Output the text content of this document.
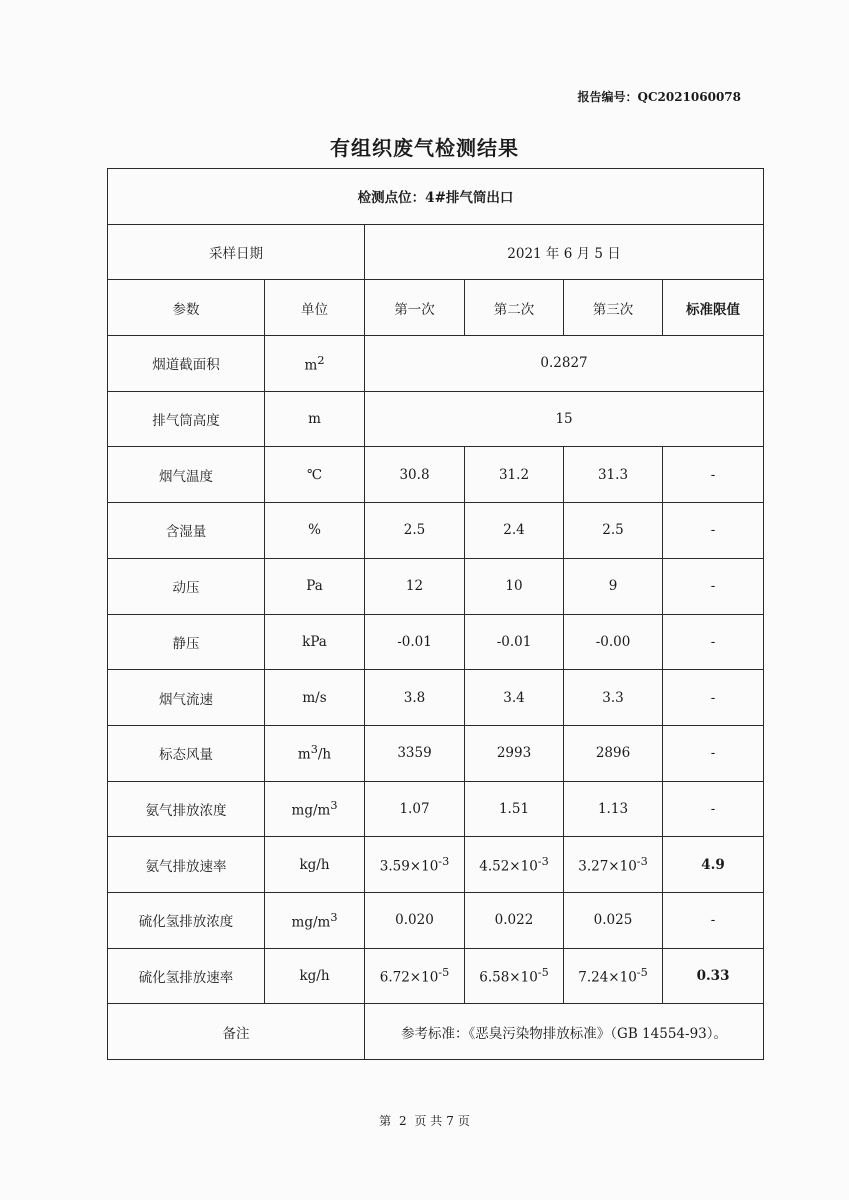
报告编号：QC2021060078
有组织废气检测结果
检测点位：4#排气筒出口					
采样日期		2021 年 6 月 5 日			
参数	单位	第一次	第二次	第三次	标准限值
烟道截面积	$m^2$	0.2827			
排气筒高度	m	15			
烟气温度	℃	30.8	31.2	31.3	-
含湿量	%	2.5	2.4	2.5	-
动压	Pa	12	10	9	-
静压	kPa	-0.01	-0.01	-0.00	-
烟气流速	m/s	3.8	3.4	3.3	-
标态风量	$m^3/h$	3359	2993	2896	-
氨气排放浓度	$mg/m^3$	1.07	1.51	1.13	-
氨气排放速率	kg/h	$3.59\times 10^{-3}$	$4.52\times 10^{-3}$	$3.27\times 10^{-3}$	4.9
硫化氢排放浓度	$mg/m^3$	0.020	0.022	0.025	-
硫化氢排放速率	kg/h	$6.72\times 10^{-5}$	$6.58\times 10^{-5}$	$7.24\times 10^{-5}$	0.33
备注		参考标准：《恶臭污染物排放标准》（GB 14554-93）。			
第 2 页 共 7 页
